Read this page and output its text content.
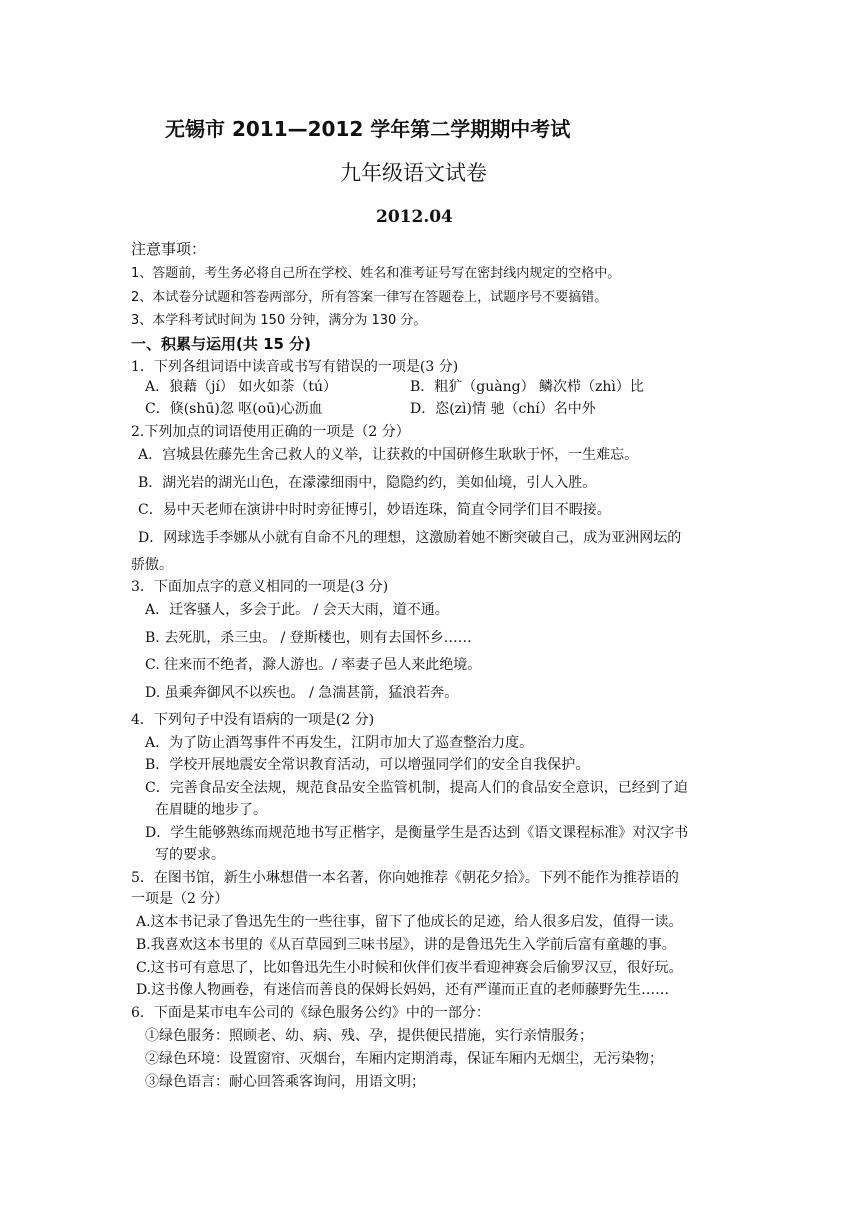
无锡市 2011—2012 学年第二学期期中考试
九年级语文试卷
2012.04
注意事项：
1、答题前，考生务必将自己所在学校、姓名和准考证号写在密封线内规定的空格中。
2、本试卷分试题和答卷两部分，所有答案一律写在答题卷上，试题序号不要搞错。
3、本学科考试时间为 150 分钟，满分为 130 分。
一、积累与运用(共 15 分)
1．下列各组词语中读音或书写有错误的一项是(3 分)
A．狼藉（jí） 如火如荼（tú）	B．粗犷（guàng） 鳞次栉（zhì）比
C．倏(shū)忽 呕(oū)心沥血	D．恣(zì)情 驰（chí）名中外
2.下列加点的词语使用正确的一项是（2 分）
A．宫城县佐藤先生舍己救人的义举，让获救的中国研修生耿耿于怀，一生难忘。
B．湖光岩的湖光山色，在濛濛细雨中，隐隐约约，美如仙境，引人入胜。
C．易中天老师在演讲中时时旁征博引，妙语连珠，简直令同学们目不暇接。
D．网球选手李娜从小就有自命不凡的理想，这激励着她不断突破自己，成为亚洲网坛的
骄傲。
3．下面加点字的意义相同的一项是(3 分)
A．迁客骚人，多会于此。 / 会天大雨，道不通。
B. 去死肌，杀三虫。 / 登斯楼也，则有去国怀乡……
C. 往来而不绝者，滁人游也。/ 率妻子邑人来此绝境。
D. 虽乘奔御风不以疾也。 / 急湍甚箭，猛浪若奔。
4．下列句子中没有语病的一项是(2 分)
A．为了防止酒驾事件不再发生，江阴市加大了巡查整治力度。
B．学校开展地震安全常识教育活动，可以增强同学们的安全自我保护。
C．完善食品安全法规，规范食品安全监管机制，提高人们的食品安全意识，已经到了迫
在眉睫的地步了。
D．学生能够熟练而规范地书写正楷字，是衡量学生是否达到《语文课程标准》对汉字书
写的要求。
5．在图书馆，新生小琳想借一本名著，你向她推荐《朝花夕拾》。下列不能作为推荐语的
一项是（2 分）
A.这本书记录了鲁迅先生的一些往事，留下了他成长的足迹，给人很多启发，值得一读。
B.我喜欢这本书里的《从百草园到三味书屋》，讲的是鲁迅先生入学前后富有童趣的事。
C.这书可有意思了，比如鲁迅先生小时候和伙伴们夜半看迎神赛会后偷罗汉豆，很好玩。
D.这书像人物画卷，有迷信而善良的保姆长妈妈，还有严谨而正直的老师藤野先生……
6．下面是某市电车公司的《绿色服务公约》中的一部分：
①绿色服务：照顾老、幼、病、残、孕，提供便民措施，实行亲情服务；
②绿色环境：设置窗帘、灭烟台，车厢内定期消毒，保证车厢内无烟尘，无污染物；
③绿色语言：耐心回答乘客询问，用语文明；
